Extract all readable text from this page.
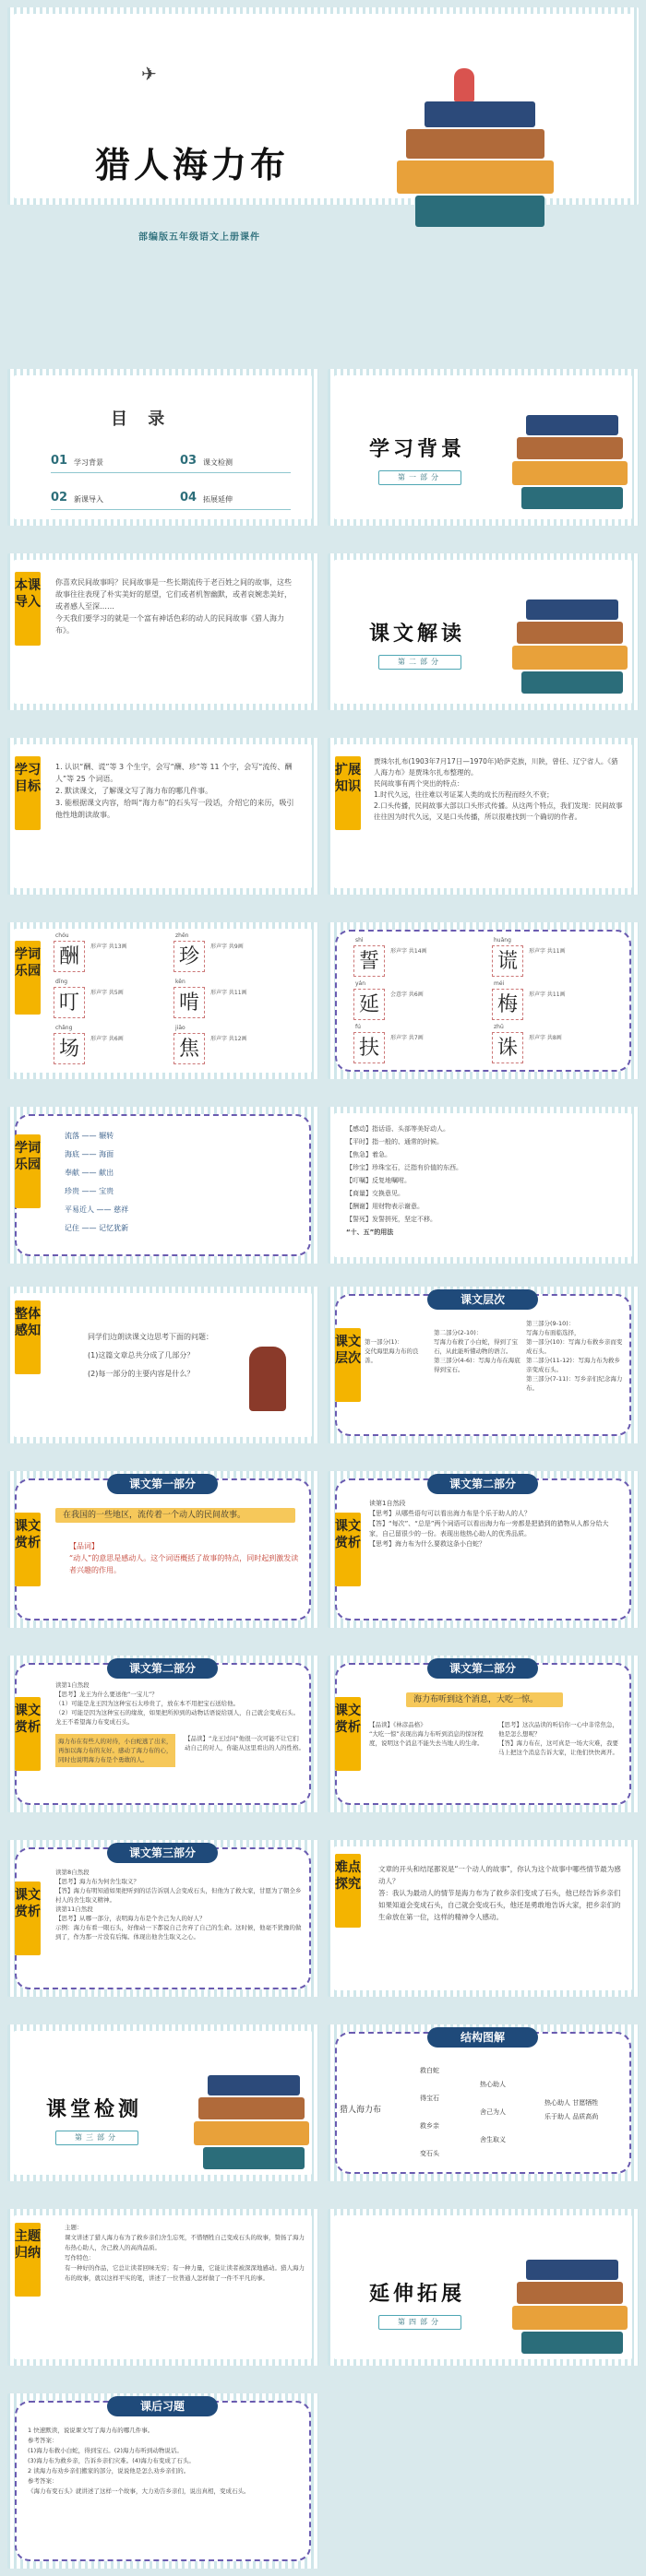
✈
猎人海力布
部编版五年级语文上册课件
目 录
01 学习背景
02 新课导入
03 课文检测
04 拓展延伸
学习背景
第一部分
本课导入
你喜欢民间故事吗？民间故事是一些长期流传于老百姓之间的故事，这些故事往往表现了朴实美好的愿望，它们或者机智幽默，或者哀婉悲美好，或者感人至深……
今天我们要学习的就是一个富有神话色彩的动人的民间故事《猎人海力布》。	课文解读
第二部分
学习目标
1. 认识“酬、谎”等 3 个生字，会写“酬、珍”等 11 个字，会写“流传、酬人”等 25 个词语。
2. 默读课文，了解课文写了海力布的哪几件事。
3. 能根据课文内容，给叫“海力布”的石头写一段话，介绍它的来历，吸引他性地朗读故事。
扩展知识
贾珠尔扎布(1903年7月17日—1970年)哈萨克族，川陕，曾任、辽宁省人。《猎人海力布》是贾珠尔扎布整理的。
民间故事有两个突出的特点：
1.时代久远，往往难以考证某人类的成长历程而经久不衰；
2.口头传播，民间故事大部以口头形式传播。从这两个特点，我们发现：民间故事往往因为时代久远，又是口头传播，所以很难找到一个确切的作者。
学词乐园
chóu
酬	形声字 共13画
zhēn
珍	形声字 共9画
dīng
叮	形声字 共5画
kěn
啃	形声字 共11画
chǎng
场	形声字 共6画
jiāo
焦	形声字 共12画
shì
誓	形声字 共14画
huǎng
谎	形声字 共11画
yán
延	会意字 共6画
méi
梅	形声字 共11画
fú
扶	形声字 共7画
zhū
诛	形声字 共8画
学词乐园
流落 —— 辗转
海底 —— 海面
奉献 —— 献出
珍贵 —— 宝贵
平易近人 —— 慈祥
记住 —— 记忆犹新
【感动】指话语、头部等美好动人。
【平时】指一般的、通常的时候。
【焦急】着急。
【珍宝】珍珠宝石，泛指有价值的东西。
【叮嘱】反复地嘱咐。
【商量】交换意见。
【酬谢】用财物表示谢意。
【誓死】发誓拼死，坚定不移。
“十、五”的用法
整体感知	同学们边朗读课文边思考下面的问题：
(1)这篇文章总共分成了几部分？
(2)每一部分的主要内容是什么？
课文层次
课文层次
第一部分(1)：
交代海里海力布的良善。
第二部分(2-10)：
写海力布救了小白蛇，得到了宝石，从此能听懂动物的语言。
第三部分(4-6)：写海力布在海底得到宝石。
第三部分(9-10)：
写海力布面临选择，
第一部分(10)：写海力布救乡亲而变成石头。
第二部分(11-12)：写海力布为救乡亲变成石头。
第三部分(7-11)：写乡亲们纪念海力布。
课文第一部分
课文赏析
在我国的一些地区，流传着一个动人的民间故事。
【品词】
“动人”的意思是感动人。这个词语概括了故事的特点，同时起到激发读者兴趣的作用。
课文第二部分
课文赏析
读第1自然段
【思考】从哪些语句可以看出海力布是个乐于助人的人？
【答】“每次”、“总是”两个词语可以看出海力布一旁都是把猎到的猎物从人都分给大家，自己留很少的一份。表现出他热心助人的优秀品质。
【思考】海力布为什么要救这条小白蛇？
课文第二部分
课文赏析
读第1自然段
【思考】龙王为什么要送他“一宝儿”？
（1）可能是龙王因为这种宝石太珍贵了，放在本不用把宝石送给他。
（2）可能是因为这种宝石的缘故，如果把所掉到的动物话语说给别人，自己就会变成石头。龙王不希望海力布变成石头。
海力布在有些人的对待，小白蛇逃了出来，再加以海力布的友好。感动了海力布的心，同时也说明海力布是个勇敢的人。
【品读】“龙王过问”他很一次可能不让它们动自己的对人，你能从这里看出的人的性格。
课文第二部分
课文赏析
海力布听到这个消息，大吃一惊。
【品读】《林彦品格》
“大吃一惊”表现出海力布听到消息的惊讶程度，说明这个消息不能失去当地人的生命。
【思考】这次品读的听信你一心中非常焦急，他是怎么想呢？
【答】海力布在，这可真是一场大灾难，我要马上把这个消息告诉大家，让他们快快离开。
课文第三部分
课文赏析
读第8自然段
【思考】海力布为何舍生取义？
【答】海力布明知道如果把听到的话告诉别人会变成石头，但他为了救大家，甘愿为了朝全乡村人的舍生取义精神。
读第11自然段
【思考】从哪一部分，表明海力布是个舍己为人的好人？
示例：海力布看一眼石头，好像动一下都说自己舍弃了自己的生命。这时候，他毫不犹豫的做到了，作为那一片没有后悔。体现出他舍生取义之心。
难点探究
文章的开头和结尾都说是“一个动人的故事”，你认为这个故事中哪些情节最为感动人？
答：我认为最动人的情节是海力布为了救乡亲们变成了石头，他已经告诉乡亲们如果知道会变成石头，自己就会变成石头，他还是勇敢地告诉大家，把乡亲们的生命放在第一位，这样的精神令人感动。
结构图解
猎人海力布
救白蛇
得宝石
救乡亲
变石头
热心助人
舍己为人
舍生取义
热心助人 甘愿牺牲
乐于助人 品质高尚
课堂检测
第三部分
主题归纳
主题：
课文讲述了猎人海力布为了救乡亲们舍生忘死，不惜牺牲自己变成石头的故事，赞扬了海力布热心助人，舍己救人的高尚品质。
写作特色：
有一种好的作品，它总让读者回味无穷；有一种力量，它能让读者被深深地感动。猎人海力布的故事，就以这样平实的笔，讲述了一位普通人怎样做了一件不平凡的事。
延伸拓展
第四部分
课后习题
1 快速默读，说说课文写了海力布的哪几件事。
参考答案：
(1)海力布救小白蛇，得到宝石。(2)海力布听到动物说话。
(3)海力布为救乡亲，告诉乡亲们灾难。(4)海力布变成了石头。
2 读海力布劝乡亲们搬家的部分，说说他是怎么劝乡亲们的。
参考答案：
《海力布变石头》就讲述了这样一个故事，大力劝告乡亲们，说出真相，变成石头。
